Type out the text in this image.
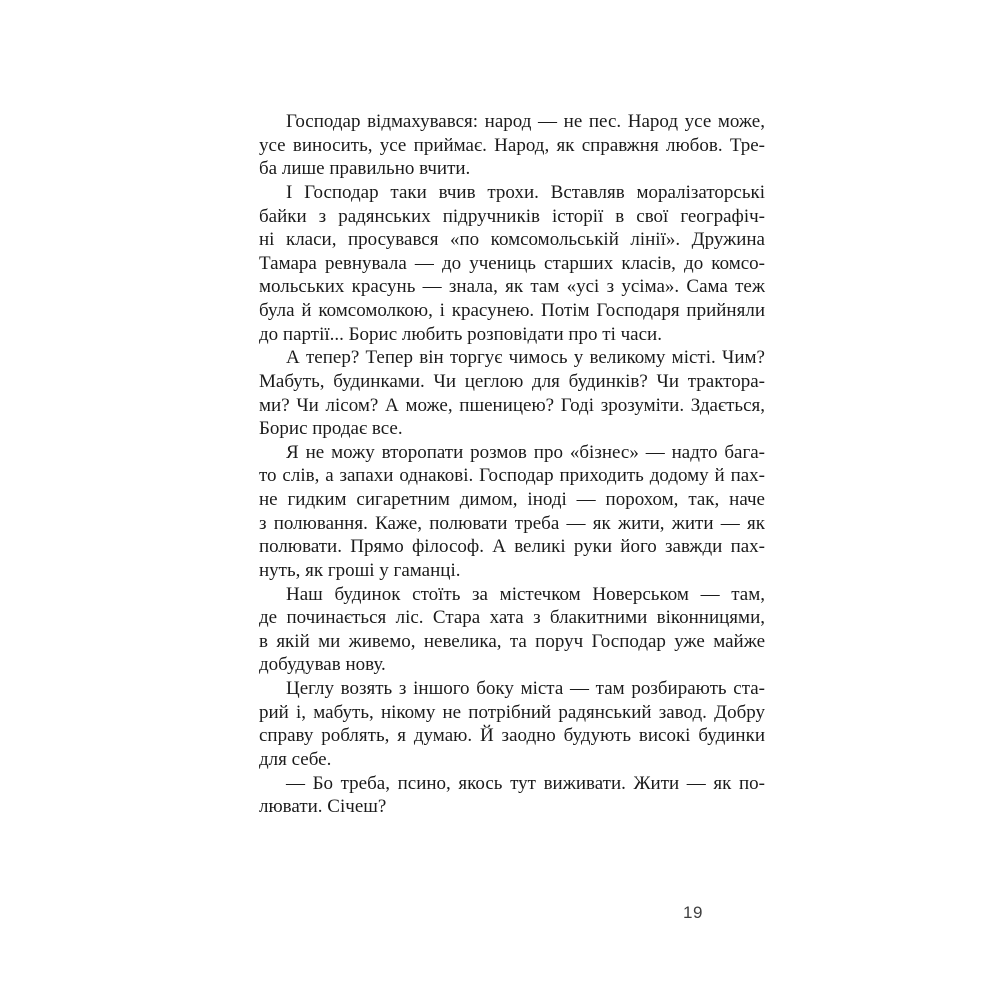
Господар відмахувався: народ — не пес. Народ усе може,
усе виносить, усе приймає. Народ, як справжня любов. Тре-
ба лише правильно вчити.
І Господар таки вчив трохи. Вставляв моралізаторські
байки з радянських підручників історії в свої географіч-
ні класи, просувався «по комсомольській лінії». Дружина
Тамара ревнувала — до учениць старших класів, до комсо-
мольських красунь — знала, як там «усі з усіма». Сама теж
була й комсомолкою, і красунею. Потім Господаря прийняли
до партії... Борис любить розповідати про ті часи.
А тепер? Тепер він торгує чимось у великому місті. Чим?
Мабуть, будинками. Чи цеглою для будинків? Чи трактора-
ми? Чи лісом? А може, пшеницею? Годі зрозуміти. Здається,
Борис продає все.
Я не можу второпати розмов про «бізнес» — надто бага-
то слів, а запахи однакові. Господар приходить додому й пах-
не гидким сигаретним димом, іноді — порохом, так, наче
з полювання. Каже, полювати треба — як жити, жити — як
полювати. Прямо філософ. А великі руки його завжди пах-
нуть, як гроші у гаманці.
Наш будинок стоїть за містечком Новерськом — там,
де починається ліс. Стара хата з блакитними віконницями,
в якій ми живемо, невелика, та поруч Господар уже майже
добудував нову.
Цеглу возять з іншого боку міста — там розбирають ста-
рий і, мабуть, нікому не потрібний радянський завод. Добру
справу роблять, я думаю. Й заодно будують високі будинки
для себе.
— Бо треба, псино, якось тут виживати. Жити — як по-
лювати. Січеш?
19
